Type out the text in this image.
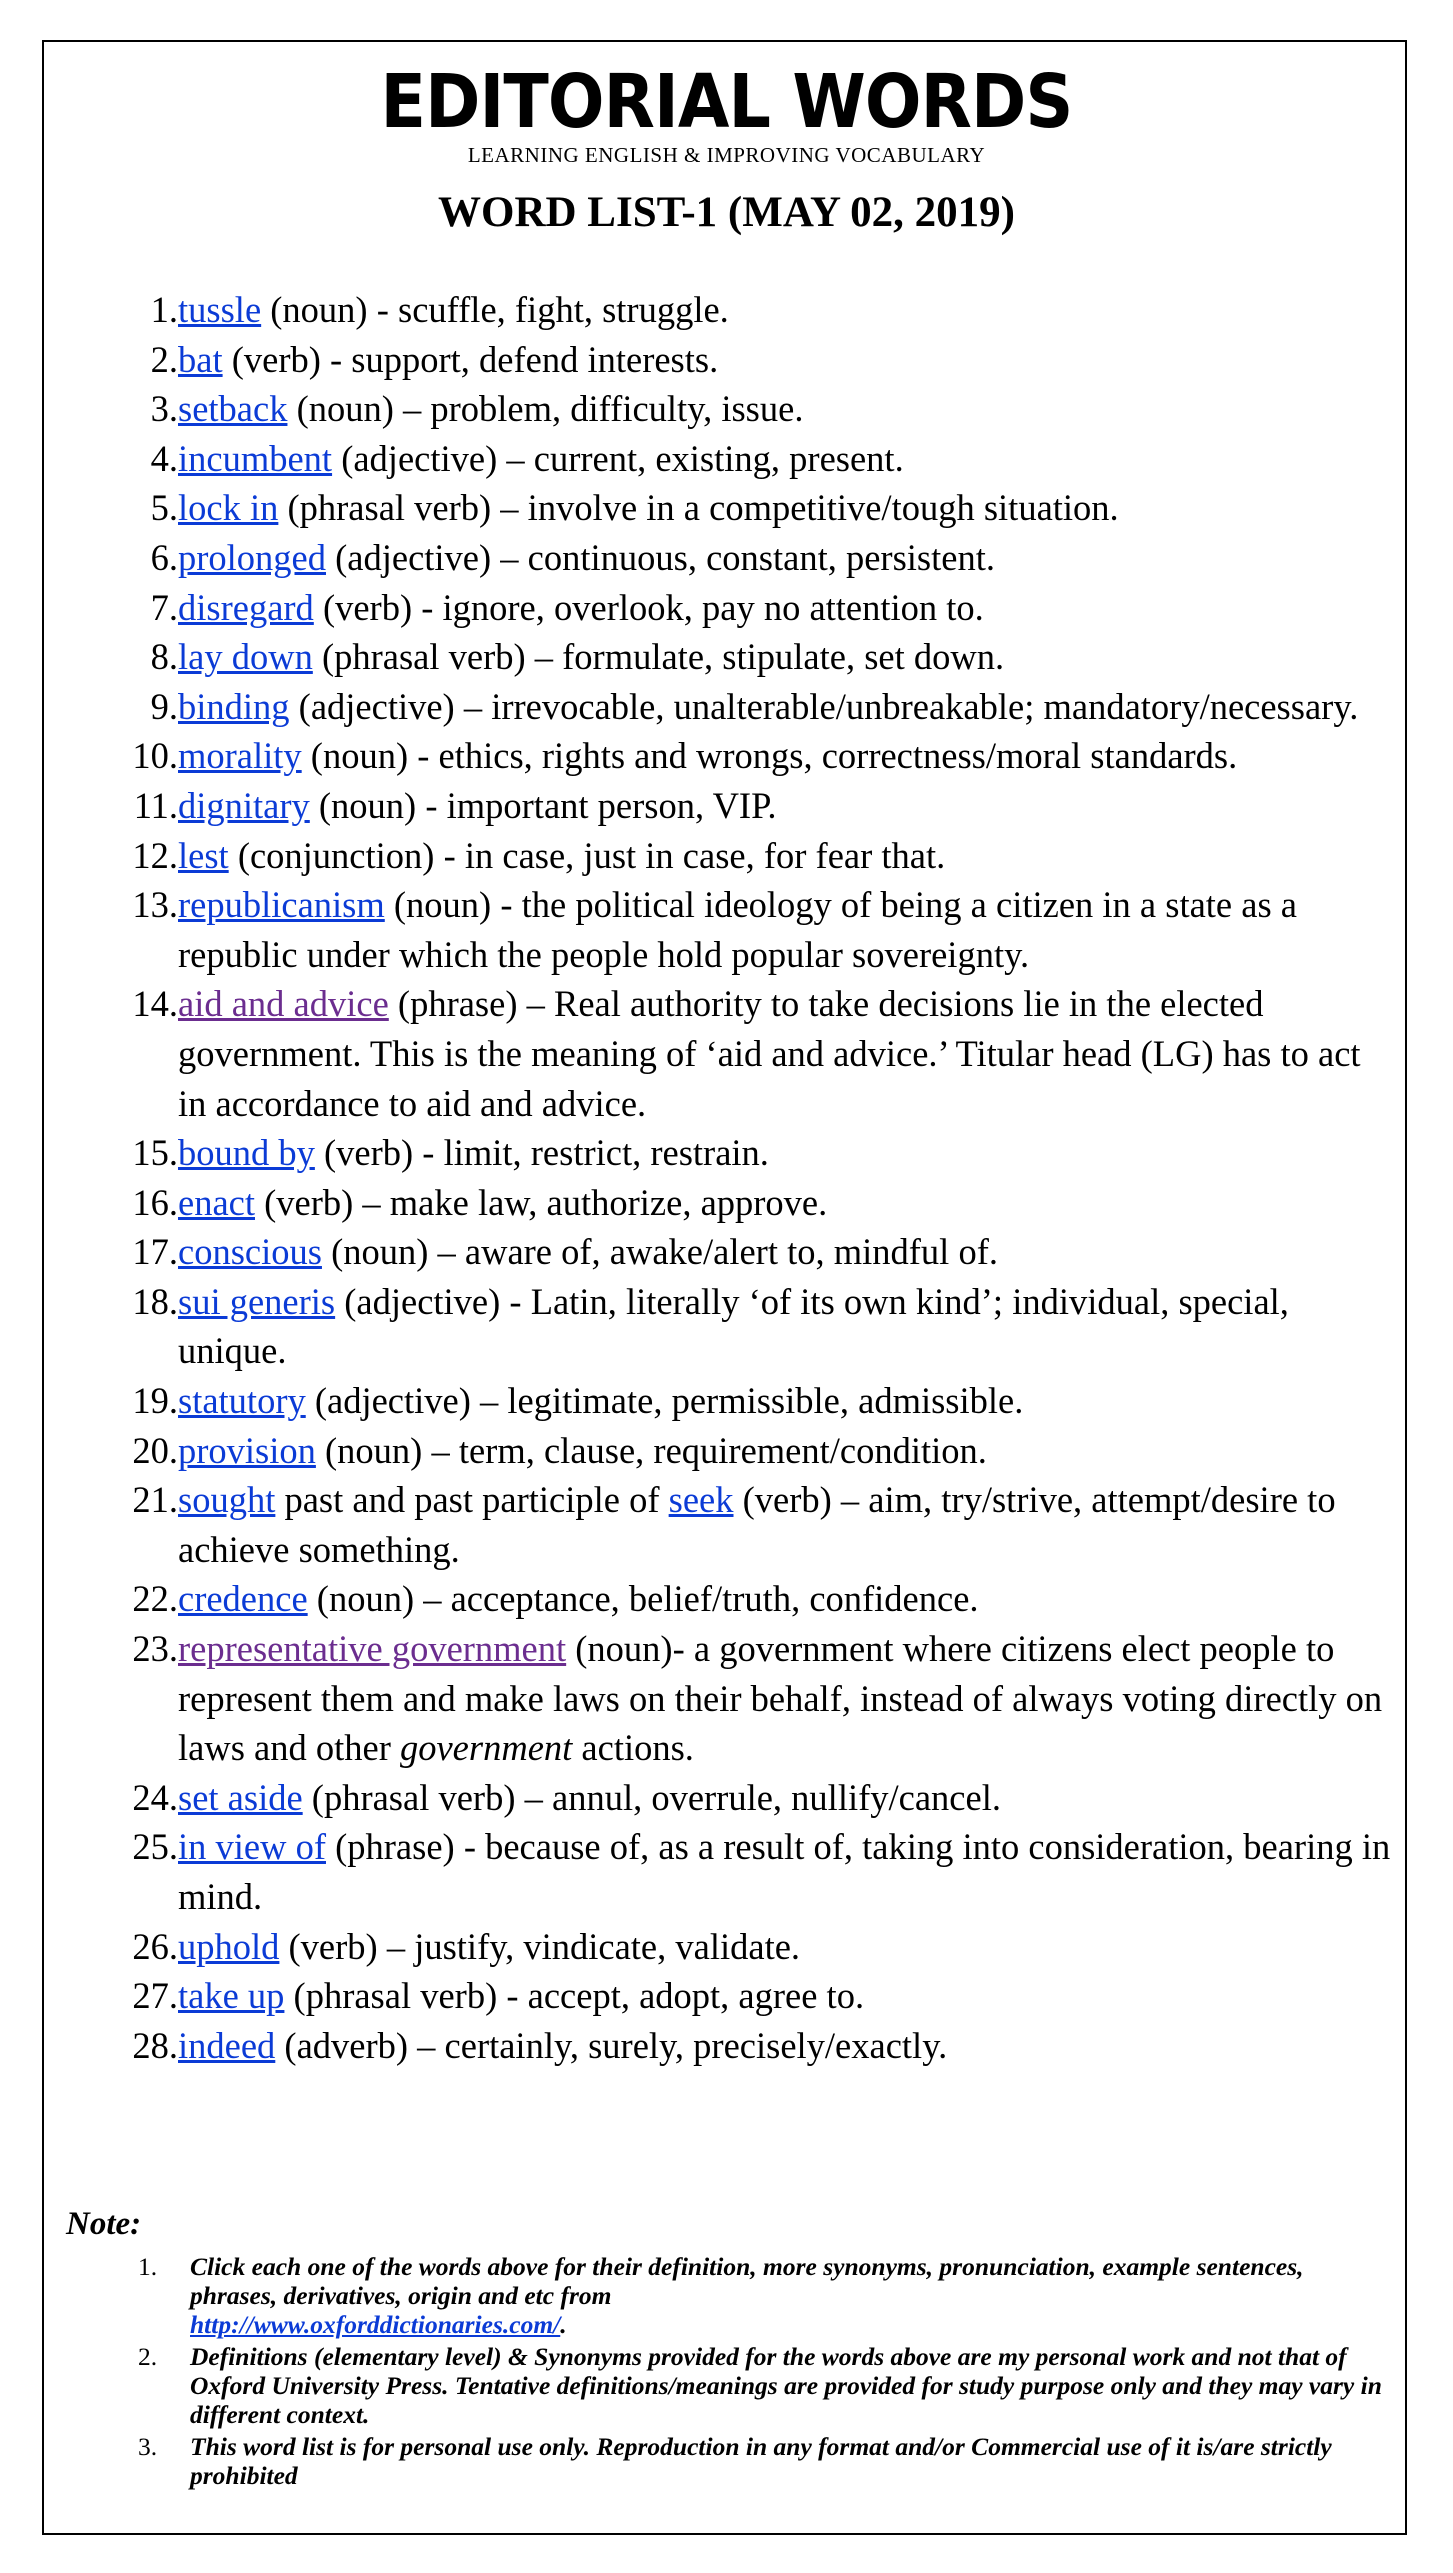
EDITORIAL WORDS
LEARNING ENGLISH & IMPROVING VOCABULARY
WORD LIST-1 (MAY 02, 2019)
1. tussle (noun) - scuffle, fight, struggle.
2. bat (verb) - support, defend interests.
3. setback (noun) – problem, difficulty, issue.
4. incumbent (adjective) – current, existing, present.
5. lock in (phrasal verb) – involve in a competitive/tough situation.
6. prolonged (adjective) – continuous, constant, persistent.
7. disregard (verb) - ignore, overlook, pay no attention to.
8. lay down (phrasal verb) – formulate, stipulate, set down.
9. binding (adjective) – irrevocable, unalterable/unbreakable; mandatory/necessary.
10. morality (noun) - ethics, rights and wrongs, correctness/moral standards.
11. dignitary (noun) - important person, VIP.
12. lest (conjunction) - in case, just in case, for fear that.
13. republicanism (noun) - the political ideology of being a citizen in a state as a republic under which the people hold popular sovereignty.
14. aid and advice (phrase) – Real authority to take decisions lie in the elected government. This is the meaning of ‘aid and advice.’ Titular head (LG) has to act in accordance to aid and advice.
15. bound by (verb) - limit, restrict, restrain.
16. enact (verb) – make law, authorize, approve.
17. conscious (noun) – aware of, awake/alert to, mindful of.
18. sui generis (adjective) - Latin, literally ‘of its own kind’; individual, special, unique.
19. statutory (adjective) – legitimate, permissible, admissible.
20. provision (noun) – term, clause, requirement/condition.
21. sought past and past participle of seek (verb) – aim, try/strive, attempt/desire to achieve something.
22. credence (noun) – acceptance, belief/truth, confidence.
23. representative government (noun)- a government where citizens elect people to represent them and make laws on their behalf, instead of always voting directly on laws and other government actions.
24. set aside (phrasal verb) – annul, overrule, nullify/cancel.
25. in view of (phrase) - because of, as a result of, taking into consideration, bearing in mind.
26. uphold (verb) – justify, vindicate, validate.
27. take up (phrasal verb) - accept, adopt, agree to.
28. indeed (adverb) – certainly, surely, precisely/exactly.
Note:
1.	Click each one of the words above for their definition, more synonyms, pronunciation, example sentences, phrases, derivatives, origin and etc from
http://www.oxforddictionaries.com/.
2.	Definitions (elementary level) & Synonyms provided for the words above are my personal work and not that of Oxford University Press. Tentative definitions/meanings are provided for study purpose only and they may vary in different context.
3.	This word list is for personal use only. Reproduction in any format and/or Commercial use of it is/are strictly prohibited
